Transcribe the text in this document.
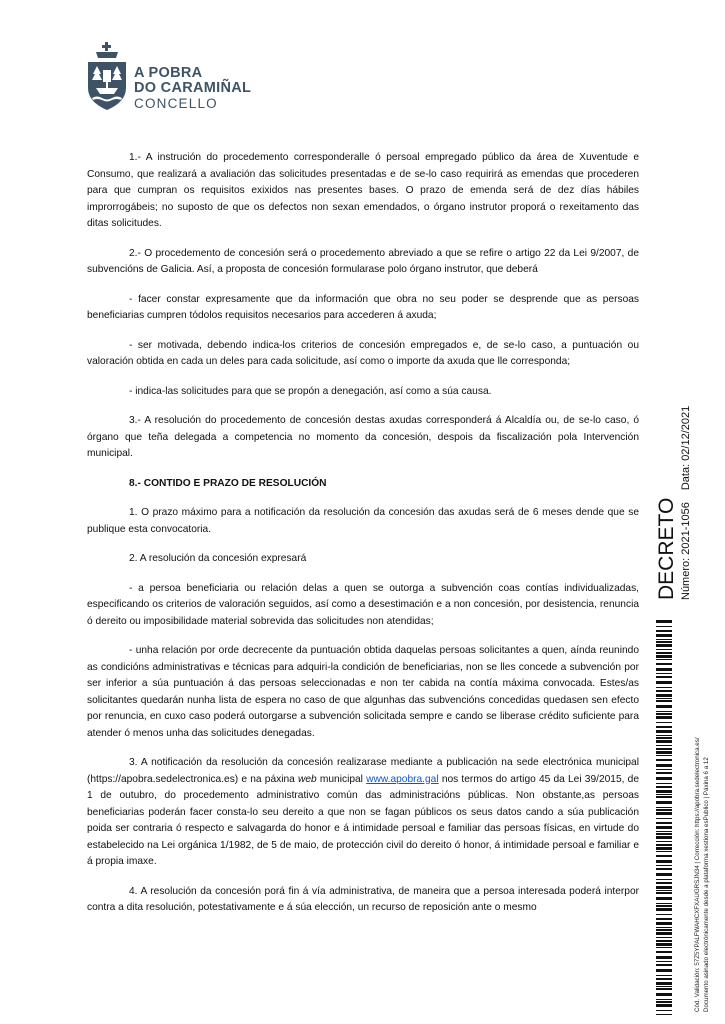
A POBRA
DO CARAMIÑAL
CONCELLO

1.- A instrución do procedemento corresponderalle ó persoal empregado público da área de Xuventude e Consumo, que realizará a avaliación das solicitudes presentadas e de se-lo caso requirirá as emendas que procederen para que cumpran os requisitos exixidos nas presentes bases. O prazo de emenda será de dez días hábiles improrrogábeis; no suposto de que os defectos non sexan emendados, o órgano instrutor proporá o rexeitamento das ditas solicitudes.

2.- O procedemento de concesión será o procedemento abreviado a que se refire o artigo 22 da Lei 9/2007, de subvencións de Galicia. Así, a proposta de concesión formularase polo órgano instrutor, que deberá

- facer constar expresamente que da información que obra no seu poder se desprende que as persoas beneficiarias cumpren tódolos requisitos necesarios para accederen á axuda;

- ser motivada, debendo indica-los criterios de concesión empregados e, de se-lo caso, a puntuación ou valoración obtida en cada un deles para cada solicitude, así como o importe da axuda que lle corresponda;

- indica-las solicitudes para que se propón a denegación, así como a súa causa.

3.- A resolución do procedemento de concesión destas axudas corresponderá á Alcaldía ou, de se-lo caso, ó órgano que teña delegada a competencia no momento da concesión, despois da fiscalización pola Intervención municipal.

8.- CONTIDO E PRAZO DE RESOLUCIÓN

1. O prazo máximo para a notificación da resolución da concesión das axudas será de 6 meses dende que se publique esta convocatoria.

2. A resolución da concesión expresará

- a persoa beneficiaria ou relación delas a quen se outorga a subvención coas contías individualizadas, especificando os criterios de valoración seguidos, así como a desestimación e a non concesión, por desistencia, renuncia ó dereito ou imposibilidade material sobrevida das solicitudes non atendidas;

- unha relación por orde decrecente da puntuación obtida daquelas persoas solicitantes a quen, aínda reunindo as condicións administrativas e técnicas para adquiri-la condición de beneficiarias, non se lles concede a subvención por ser inferior a súa puntuación á das persoas seleccionadas e non ter cabida na contía máxima convocada. Estes/as solicitantes quedarán nunha lista de espera no caso de que algunhas das subvencións concedidas quedasen sen efecto por renuncia, en cuxo caso poderá outorgarse a subvención solicitada sempre e cando se liberase crédito suficiente para atender ó menos unha das solicitudes denegadas.

3. A notificación da resolución da concesión realizarase mediante a publicación na sede electrónica municipal (https://apobra.sedelectronica.es) e na páxina web municipal www.apobra.gal nos termos do artigo 45 da Lei 39/2015, de 1 de outubro, do procedemento administrativo común das administracións públicas. Non obstante,as persoas beneficiarias poderán facer consta-lo seu dereito a que non se fagan públicos os seus datos cando a súa publicación poida ser contraria ó respecto e salvagarda do honor e á intimidade persoal e familiar das persoas físicas, en virtude do estabelecido na Lei orgánica 1/1982, de 5 de maio, de protección civil do dereito ó honor, á intimidade persoal e familiar e á propia imaxe.

4. A resolución da concesión porá fin á vía administrativa, de maneira que a persoa interesada poderá interpor contra a dita resolución, potestativamente e á súa elección, un recurso de reposición ante o mesmo

DECRETO Número: 2021-1056Data: 02/12/2021
Cód. Validación: 57Z5YPALFWAHCXFXAUGRSJN34 | Corrección: https://apobra.sedelectronica.es/ Documento asinado electrónicamente desde a plataforma xestiona esPublico | Páxina 6 a 12
